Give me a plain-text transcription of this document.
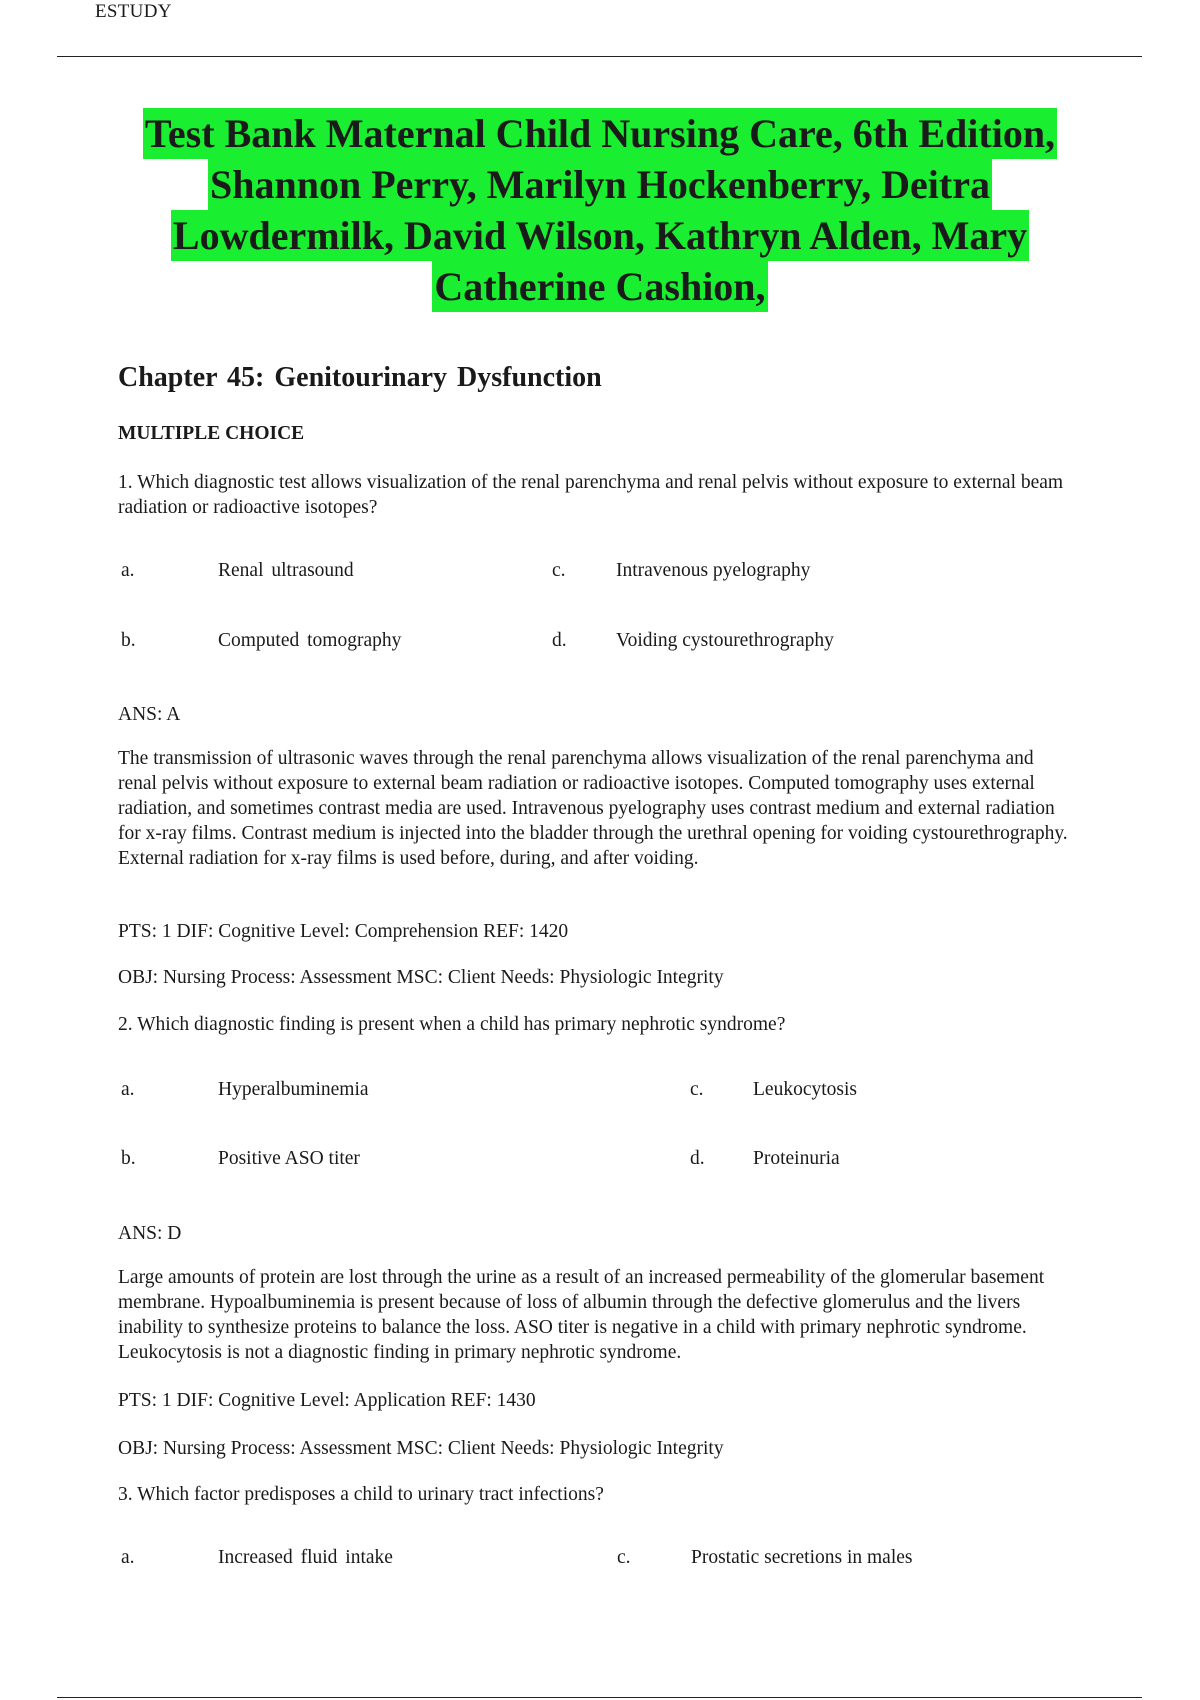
ESTUDY
Test Bank Maternal Child Nursing Care, 6th Edition,
Shannon Perry, Marilyn Hockenberry, Deitra
Lowdermilk, David Wilson, Kathryn Alden, Mary
Catherine Cashion,
Chapter 45: Genitourinary Dysfunction
MULTIPLE CHOICE
1. Which diagnostic test allows visualization of the renal parenchyma and renal pelvis without exposure to external beam radiation or radioactive isotopes?
a.	Renal ultrasound	c.	Intravenous pyelography
b.	Computed tomography	d.	Voiding cystourethrography
ANS: A
The transmission of ultrasonic waves through the renal parenchyma allows visualization of the renal parenchyma and renal pelvis without exposure to external beam radiation or radioactive isotopes. Computed tomography uses external radiation, and sometimes contrast media are used. Intravenous pyelography uses contrast medium and external radiation for x-ray films. Contrast medium is injected into the bladder through the urethral opening for voiding cystourethrography. External radiation for x-ray films is used before, during, and after voiding.
PTS: 1 DIF: Cognitive Level: Comprehension REF: 1420
OBJ: Nursing Process: Assessment MSC: Client Needs: Physiologic Integrity
2. Which diagnostic finding is present when a child has primary nephrotic syndrome?
a.	Hyperalbuminemia	c.	Leukocytosis
b.	Positive ASO titer	d. Proteinuria
ANS: D
Large amounts of protein are lost through the urine as a result of an increased permeability of the glomerular basement membrane. Hypoalbuminemia is present because of loss of albumin through the defective glomerulus and the livers inability to synthesize proteins to balance the loss. ASO titer is negative in a child with primary nephrotic syndrome. Leukocytosis is not a diagnostic finding in primary nephrotic syndrome.
PTS: 1 DIF: Cognitive Level: Application REF: 1430
OBJ: Nursing Process: Assessment MSC: Client Needs: Physiologic Integrity
3. Which factor predisposes a child to urinary tract infections?
a.	Increased fluid intake	c.	Prostatic secretions in males
